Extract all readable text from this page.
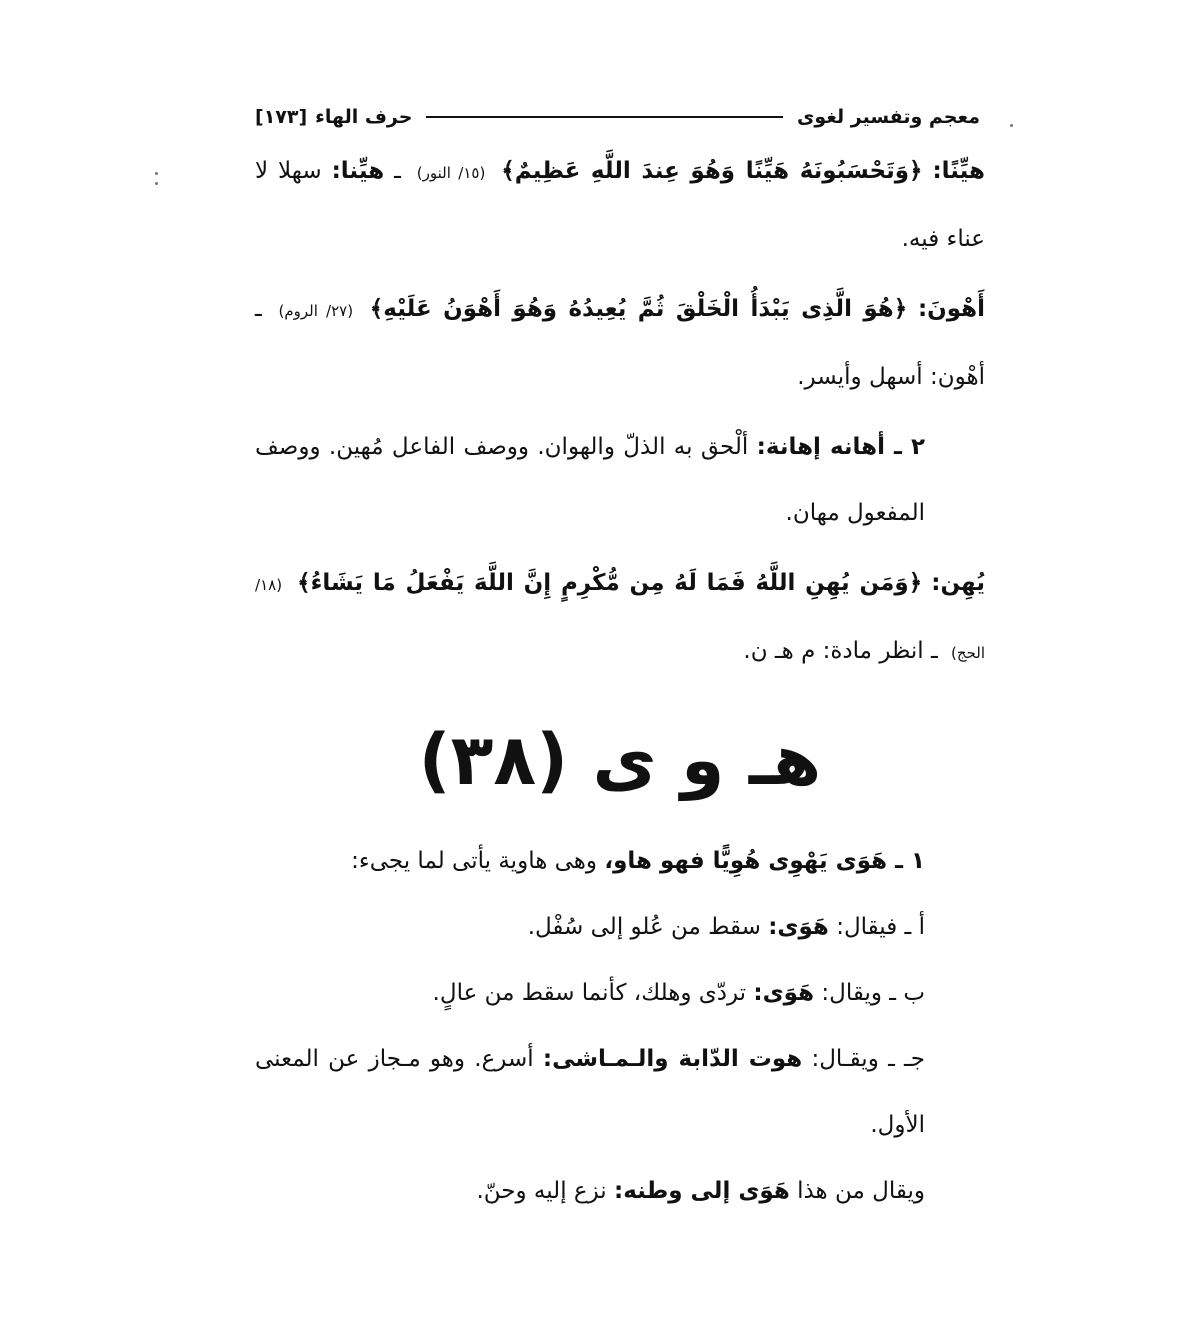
معجم وتفسير لغوى
حرف الهاء
[١٧٣]

هيِّنًا: ﴿وَتَحْسَبُونَهُ هَيِّنًا وَهُوَ عِندَ اللَّهِ عَظِيمٌ﴾ (١٥/ النور) ـ هيِّنا: سهلا لا عناء فيه.

أَهْونَ: ﴿هُوَ الَّذِى يَبْدَأُ الْخَلْقَ ثُمَّ يُعِيدُهُ وَهُوَ أَهْوَنُ عَلَيْهِ﴾ (٢٧/ الروم) ـ أهْون: أسهل وأيسر.

٢ ـ أهانه إهانة: ألْحق به الذلّ والهوان. ووصف الفاعل مُهين. ووصف المفعول مهان.

يُهِن: ﴿وَمَن يُهِنِ اللَّهُ فَمَا لَهُ مِن مُّكْرِمٍ إِنَّ اللَّهَ يَفْعَلُ مَا يَشَاءُ﴾ (١٨/ الحج) ـ انظر مادة: م هـ ن.

هـ و ى (٣٨)

١ ـ هَوَى يَهْوِى هُوِيًّا فهو هاو، وهى هاوية يأتى لما يجىء:

أ ـ فيقال: هَوَى: سقط من عُلو إلى سُفْل.

ب ـ ويقال: هَوَى: تردّى وهلك، كأنما سقط من عالٍ.

جـ ـ ويقـال: هوت الدّابة والـمـاشى: أسرع. وهو مـجاز عن المعنى الأول.

ويقال من هذا هَوَى إلى وطنه: نزع إليه وحنّ.
